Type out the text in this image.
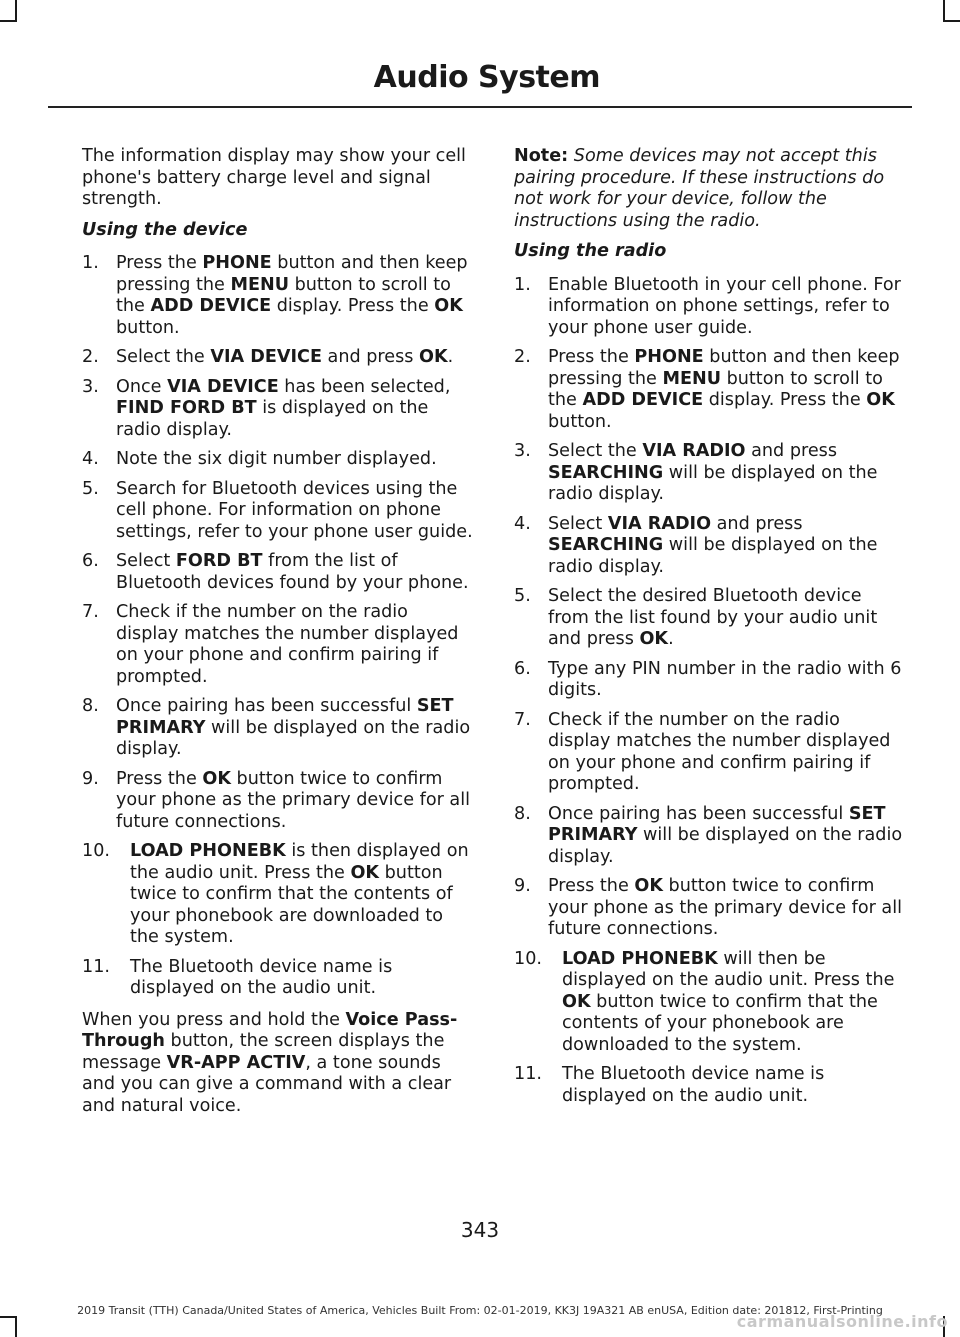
Audio System

The information display may show your cell phone's battery charge level and signal strength.

Using the device

1. Press the PHONE button and then keep pressing the MENU button to scroll to the ADD DEVICE display. Press the OK button.
2. Select the VIA DEVICE and press OK.
3. Once VIA DEVICE has been selected, FIND FORD BT is displayed on the radio display.
4. Note the six digit number displayed.
5. Search for Bluetooth devices using the cell phone. For information on phone settings, refer to your phone user guide.
6. Select FORD BT from the list of Bluetooth devices found by your phone.
7. Check if the number on the radio display matches the number displayed on your phone and confirm pairing if prompted.
8. Once pairing has been successful SET PRIMARY will be displayed on the radio display.
9. Press the OK button twice to confirm your phone as the primary device for all future connections.
10. LOAD PHONEBK is then displayed on the audio unit. Press the OK button twice to confirm that the contents of your phonebook are downloaded to the system.
11. The Bluetooth device name is displayed on the audio unit.

When you press and hold the Voice Pass-Through button, the screen displays the message VR-APP ACTIV, a tone sounds and you can give a command with a clear and natural voice.

Note: Some devices may not accept this pairing procedure. If these instructions do not work for your device, follow the instructions using the radio.

Using the radio

1. Enable Bluetooth in your cell phone. For information on phone settings, refer to your phone user guide.
2. Press the PHONE button and then keep pressing the MENU button to scroll to the ADD DEVICE display. Press the OK button.
3. Select the VIA RADIO and press SEARCHING will be displayed on the radio display.
4. Select VIA RADIO and press SEARCHING will be displayed on the radio display.
5. Select the desired Bluetooth device from the list found by your audio unit and press OK.
6. Type any PIN number in the radio with 6 digits.
7. Check if the number on the radio display matches the number displayed on your phone and confirm pairing if prompted.
8. Once pairing has been successful SET PRIMARY will be displayed on the radio display.
9. Press the OK button twice to confirm your phone as the primary device for all future connections.
10. LOAD PHONEBK will then be displayed on the audio unit. Press the OK button twice to confirm that the contents of your phonebook are downloaded to the system.
11. The Bluetooth device name is displayed on the audio unit.
343
2019 Transit (TTH) Canada/United States of America, Vehicles Built From: 02-01-2019, KK3J 19A321 AB enUSA, Edition date: 201812, First-Printing
carmanualsonline.info
